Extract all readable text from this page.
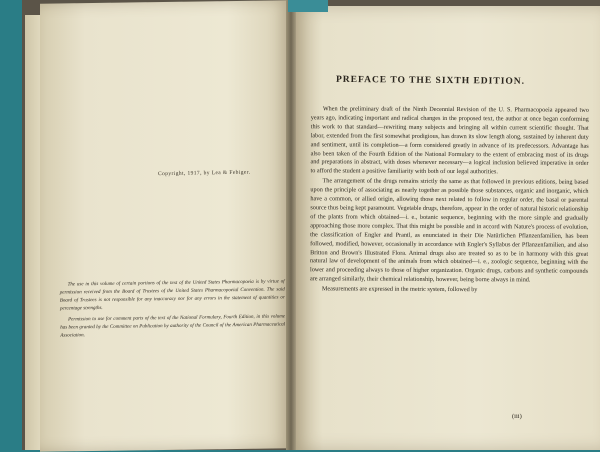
Copyright, 1917, by Lea & Febiger.

The use in this volume of certain portions of the text of the United States Pharmacopoeia is by virtue of permission received from the Board of Trustees of the United States Pharmacopoeial Convention. The said Board of Trustees is not responsible for any inaccuracy nor for any errors in the statement of quantities or percentage strengths.

Permission to use for comment parts of the text of the National Formulary, Fourth Edition, in this volume has been granted by the Committee on Publication by authority of the Council of the American Pharmaceutical Association.

PREFACE TO THE SIXTH EDITION.

When the preliminary draft of the Ninth Decennial Revision of the U. S. Pharmacopoeia appeared two years ago, indicating important and radical changes in the proposed text, the author at once began conforming this work to that standard—rewriting many subjects and bringing all within current scientific thought. That labor, extended from the first somewhat prodigious, has drawn its slow length along, sustained by inherent duty and sentiment, until its completion—a form considered greatly in advance of its predecessors. Advantage has also been taken of the Fourth Edition of the National Formulary to the extent of embracing most of its drugs and preparations in abstract, with doses whenever necessary—a logical inclusion believed imperative in order to afford the student a positive familiarity with both of our legal authorities.

The arrangement of the drugs remains strictly the same as that followed in previous editions, being based upon the principle of associating as nearly together as possible those substances, organic and inorganic, which have a common, or allied origin, allowing those next related to follow in regular order, the basal or parental source thus being kept paramount. Vegetable drugs, therefore, appear in the order of natural historic relationship of the plants from which obtained—i. e., botanic sequence, beginning with the more simple and gradually approaching those more complex. That this might be possible and in accord with Nature's process of evolution, the classification of Engler and Prantl, as enunciated in their Die Natürlichen Pflanzenfamilien, has been followed, modified, however, occasionally in accordance with Engler's Syllabus der Pflanzenfamilien, and also Britton and Brown's Illustrated Flora. Animal drugs also are treated so as to be in harmony with this great natural law of development of the animals from which obtained—i. e., zoologic sequence, beginning with the lower and proceeding always to those of higher organization. Organic drugs, carbons and synthetic compounds are arranged similarly, their chemical relationship, however, being borne always in mind.

Measurements are expressed in the metric system, followed by

(iii)
